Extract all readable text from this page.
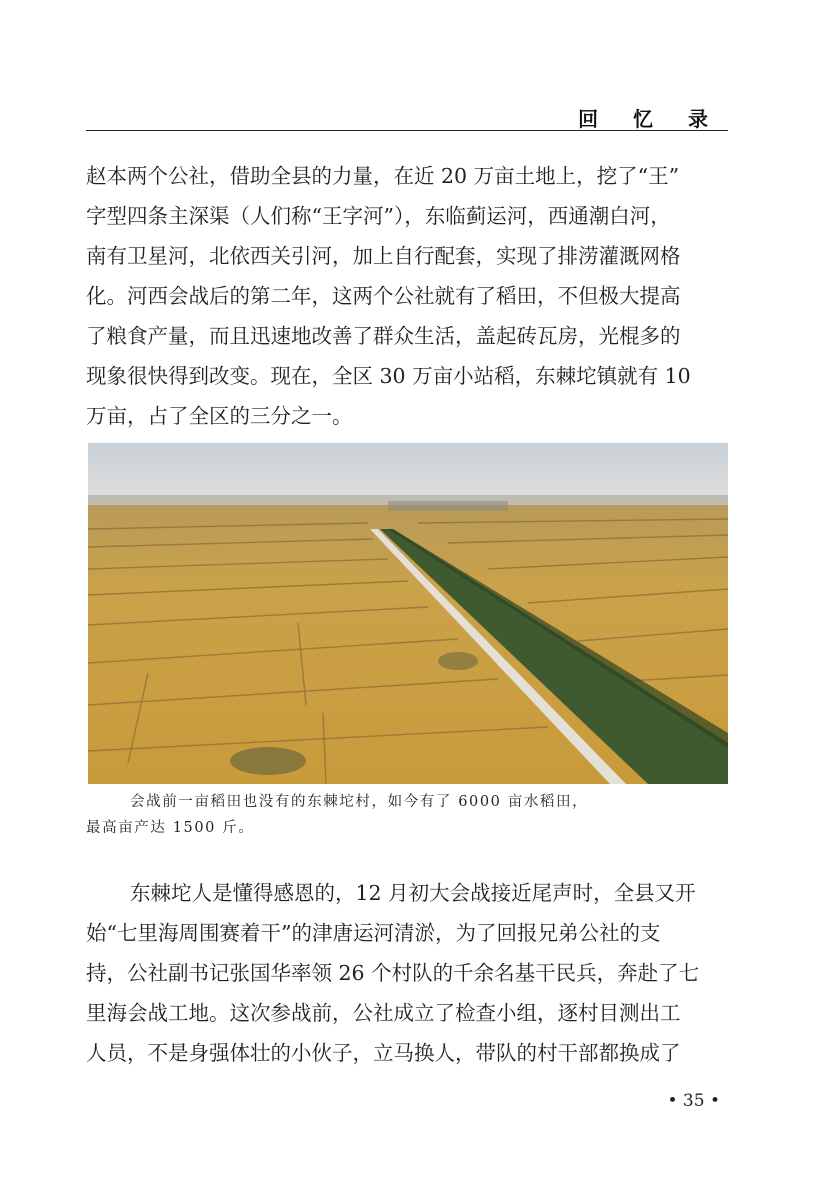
回 忆 录
赵本两个公社，借助全县的力量，在近 20 万亩土地上，挖了“王”
字型四条主深渠（人们称“王字河”），东临蓟运河，西通潮白河，
南有卫星河，北依西关引河，加上自行配套，实现了排涝灌溉网格
化。河西会战后的第二年，这两个公社就有了稻田，不但极大提高
了粮食产量，而且迅速地改善了群众生活，盖起砖瓦房，光棍多的
现象很快得到改变。现在，全区 30 万亩小站稻，东棘坨镇就有 10
万亩，占了全区的三分之一。
会战前一亩稻田也没有的东棘坨村，如今有了 6000 亩水稻田，
最高亩产达 1500 斤。
东棘坨人是懂得感恩的，12 月初大会战接近尾声时，全县又开
始“七里海周围赛着干”的津唐运河清淤，为了回报兄弟公社的支
持，公社副书记张国华率领 26 个村队的千余名基干民兵，奔赴了七
里海会战工地。这次参战前，公社成立了检查小组，逐村目测出工
人员，不是身强体壮的小伙子，立马换人，带队的村干部都换成了
• 35 •
